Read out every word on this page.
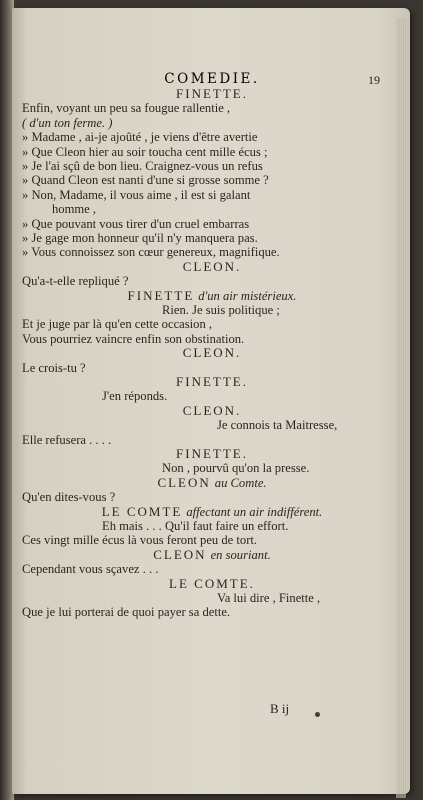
COMEDIE.	19
FINETTE.
Enfin, voyant un peu sa fougue rallentie ,
( d'un ton ferme. )
» Madame , ai-je ajoûté , je viens d'être avertie
» Que Cleon hier au soir toucha cent mille écus ;
» Je l'ai sçû de bon lieu. Craignez-vous un refus
» Quand Cleon est nanti d'une si grosse somme ?
» Non, Madame, il vous aime , il est si galant
homme ,
» Que pouvant vous tirer d'un cruel embarras
» Je gage mon honneur qu'il n'y manquera pas.
» Vous connoissez son cœur genereux, magnifique.
CLEON.
Qu'a-t-elle repliqué ?
FINETTE d'un air mistérieux.
Rien. Je suis politique ;
Et je juge par là qu'en cette occasion ,
Vous pourriez vaincre enfin son obstination.
CLEON.
Le crois-tu ?
FINETTE.
J'en réponds.
CLEON.
Je connois ta Maitresse,
Elle refusera . . . .
FINETTE.
Non , pourvû qu'on la presse.
CLEON au Comte.
Qu'en dites-vous ?
LE COMTE affectant un air indifférent.
Eh mais . . . Qu'il faut faire un effort.
Ces vingt mille écus là vous feront peu de tort.
CLEON en souriant.
Cependant vous sçavez . . .
LE COMTE.
Va lui dire , Finette ,
Que je lui porterai de quoi payer sa dette.
B ij
